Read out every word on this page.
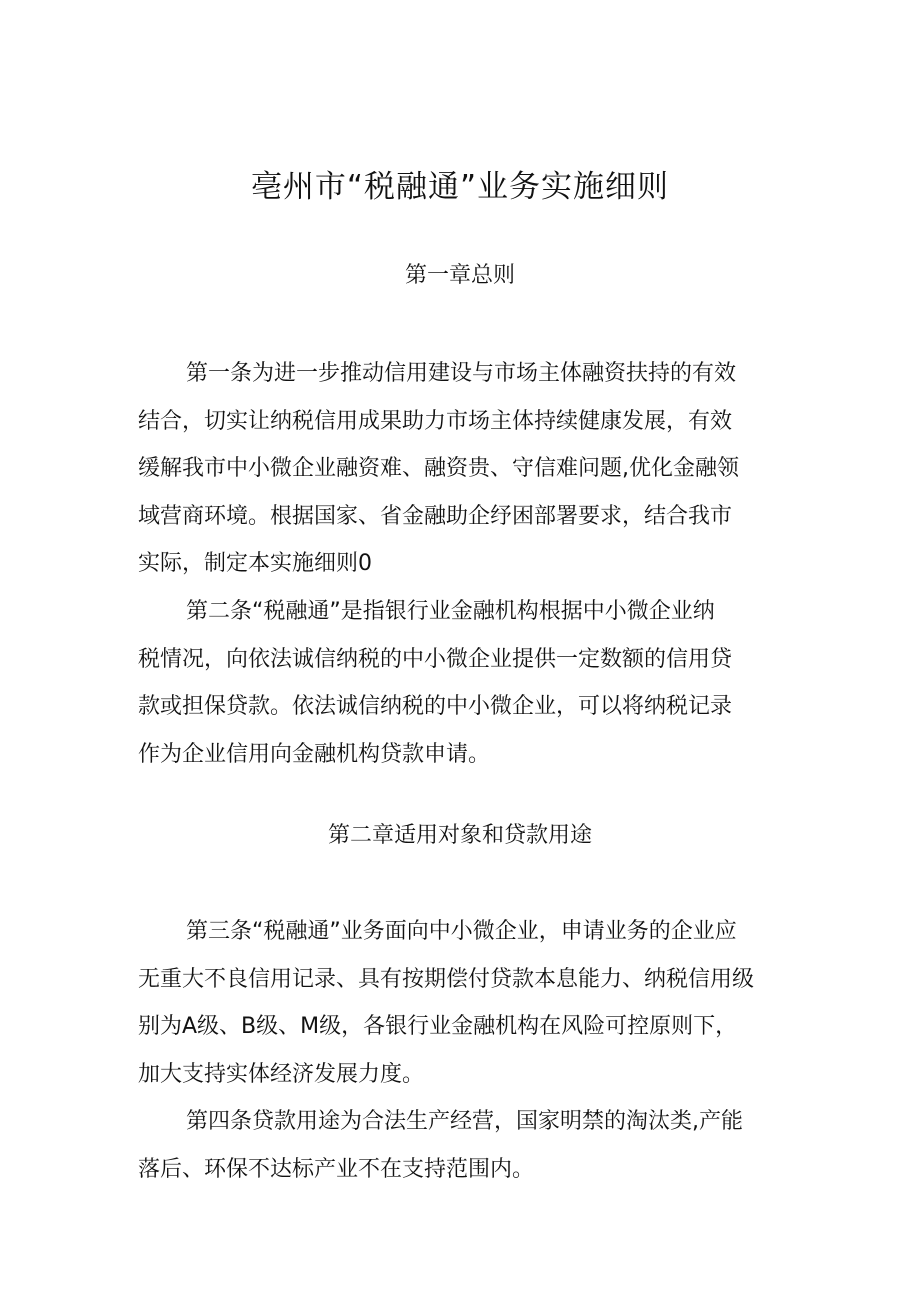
亳州市“税融通”业务实施细则
第一章总则
第一条为进一步推动信用建设与市场主体融资扶持的有效
结合，切实让纳税信用成果助力市场主体持续健康发展，有效
缓解我市中小微企业融资难、融资贵、守信难问题,优化金融领
域营商环境。根据国家、省金融助企纾困部署要求，结合我市
实际，制定本实施细则0
第二条“税融通”是指银行业金融机构根据中小微企业纳
税情况，向依法诚信纳税的中小微企业提供一定数额的信用贷
款或担保贷款。依法诚信纳税的中小微企业，可以将纳税记录
作为企业信用向金融机构贷款申请。
第二章适用对象和贷款用途
第三条“税融通”业务面向中小微企业，申请业务的企业应
无重大不良信用记录、具有按期偿付贷款本息能力、纳税信用级
别为A级、B级、M级，各银行业金融机构在风险可控原则下，
加大支持实体经济发展力度。
第四条贷款用途为合法生产经营，国家明禁的淘汰类,产能
落后、环保不达标产业不在支持范围内。
